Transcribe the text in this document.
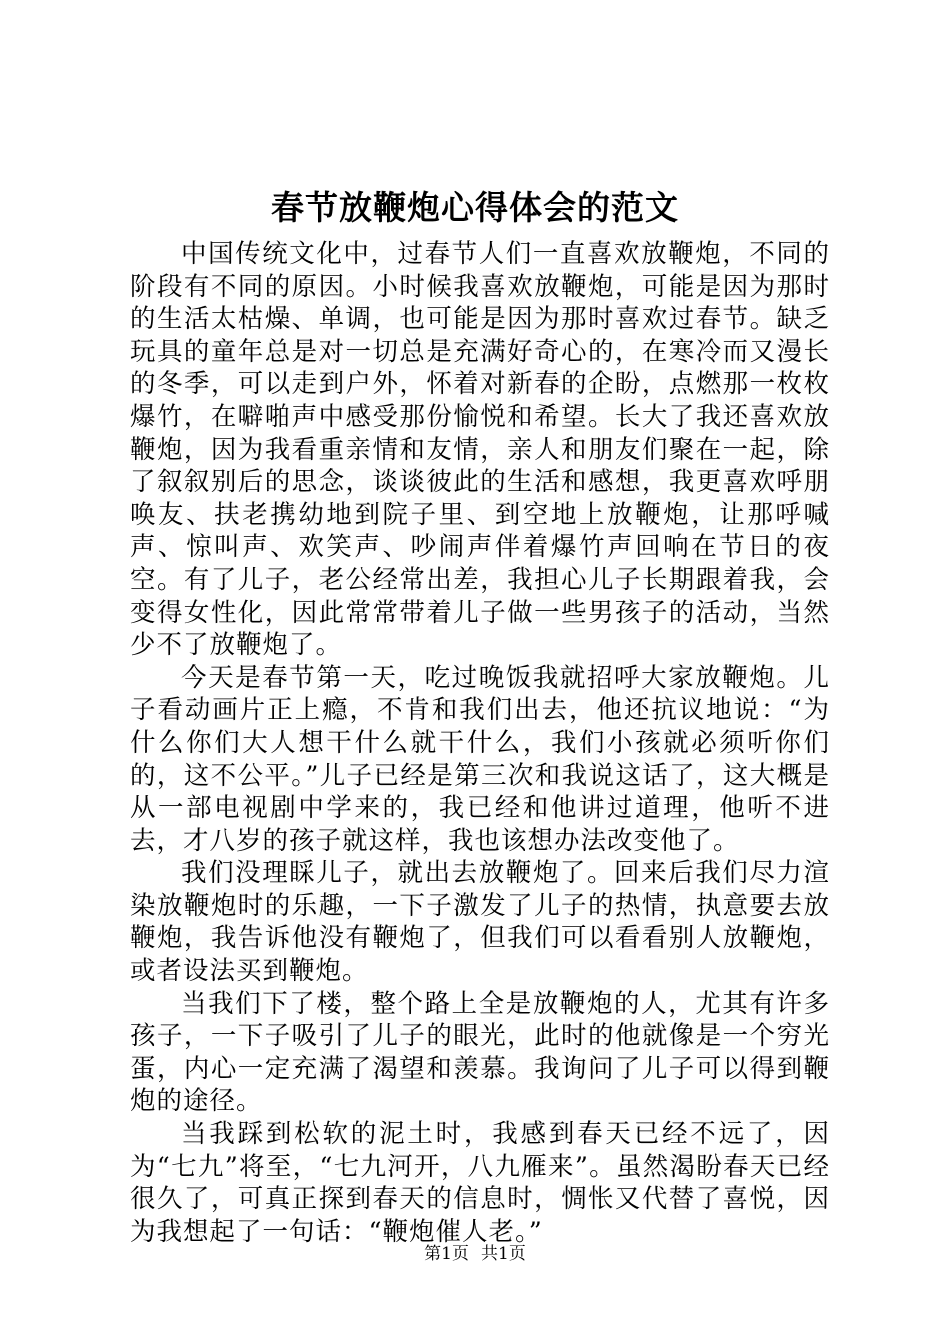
春节放鞭炮心得体会的范文

中国传统文化中，过春节人们一直喜欢放鞭炮，不同的阶段有不同的原因。小时候我喜欢放鞭炮，可能是因为那时的生活太枯燥、单调，也可能是因为那时喜欢过春节。缺乏玩具的童年总是对一切总是充满好奇心的，在寒冷而又漫长的冬季，可以走到户外，怀着对新春的企盼，点燃那一枚枚爆竹，在噼啪声中感受那份愉悦和希望。长大了我还喜欢放鞭炮，因为我看重亲情和友情，亲人和朋友们聚在一起，除了叙叙别后的思念，谈谈彼此的生活和感想，我更喜欢呼朋唤友、扶老携幼地到院子里、到空地上放鞭炮，让那呼喊声、惊叫声、欢笑声、吵闹声伴着爆竹声回响在节日的夜空。有了儿子，老公经常出差，我担心儿子长期跟着我，会变得女性化，因此常常带着儿子做一些男孩子的活动，当然少不了放鞭炮了。

今天是春节第一天，吃过晚饭我就招呼大家放鞭炮。儿子看动画片正上瘾，不肯和我们出去，他还抗议地说：“为什么你们大人想干什么就干什么，我们小孩就必须听你们的，这不公平。”儿子已经是第三次和我说这话了，这大概是从一部电视剧中学来的，我已经和他讲过道理，他听不进去，才八岁的孩子就这样，我也该想办法改变他了。

我们没理睬儿子，就出去放鞭炮了。回来后我们尽力渲染放鞭炮时的乐趣，一下子激发了儿子的热情，执意要去放鞭炮，我告诉他没有鞭炮了，但我们可以看看别人放鞭炮，或者设法买到鞭炮。

当我们下了楼，整个路上全是放鞭炮的人，尤其有许多孩子，一下子吸引了儿子的眼光，此时的他就像是一个穷光蛋，内心一定充满了渴望和羡慕。我询问了儿子可以得到鞭炮的途径。

当我踩到松软的泥土时，我感到春天已经不远了，因为“七九”将至，“七九河开，八九雁来”。虽然渴盼春天已经很久了，可真正探到春天的信息时，惆怅又代替了喜悦，因为我想起了一句话：“鞭炮催人老。”

第1页 共1页
